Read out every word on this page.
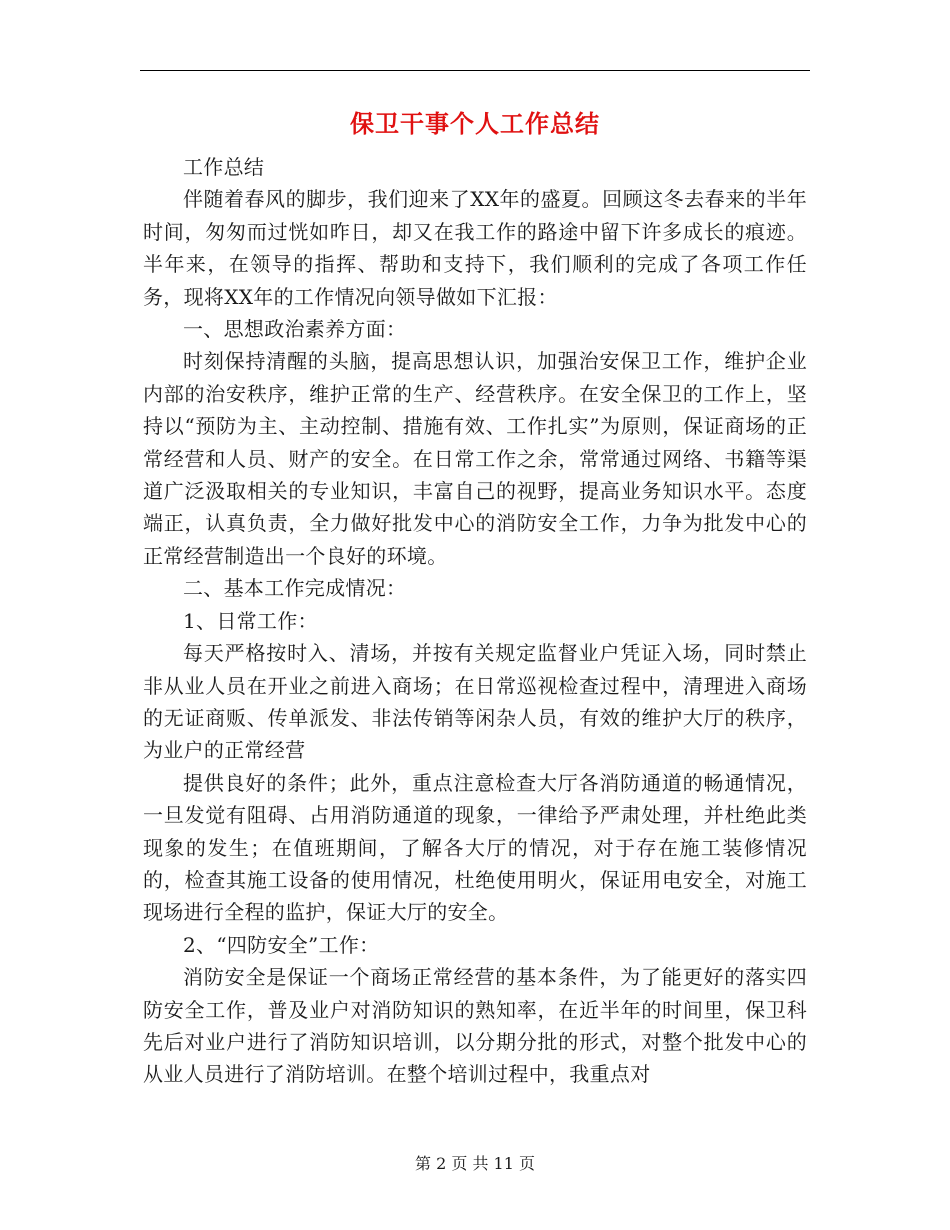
保卫干事个人工作总结

工作总结

伴随着春风的脚步，我们迎来了XX年的盛夏。回顾这冬去春来的半年时间，匆匆而过恍如昨日，却又在我工作的路途中留下许多成长的痕迹。半年来，在领导的指挥、帮助和支持下，我们顺利的完成了各项工作任务，现将XX年的工作情况向领导做如下汇报：

一、思想政治素养方面：

时刻保持清醒的头脑，提高思想认识，加强治安保卫工作，维护企业内部的治安秩序，维护正常的生产、经营秩序。在安全保卫的工作上，坚持以“预防为主、主动控制、措施有效、工作扎实”为原则，保证商场的正常经营和人员、财产的安全。在日常工作之余，常常通过网络、书籍等渠道广泛汲取相关的专业知识，丰富自己的视野，提高业务知识水平。态度端正，认真负责，全力做好批发中心的消防安全工作，力争为批发中心的正常经营制造出一个良好的环境。

二、基本工作完成情况：

1、日常工作：

每天严格按时入、清场，并按有关规定监督业户凭证入场，同时禁止非从业人员在开业之前进入商场；在日常巡视检查过程中，清理进入商场的无证商贩、传单派发、非法传销等闲杂人员，有效的维护大厅的秩序，为业户的正常经营

提供良好的条件；此外，重点注意检查大厅各消防通道的畅通情况，一旦发觉有阻碍、占用消防通道的现象，一律给予严肃处理，并杜绝此类现象的发生；在值班期间，了解各大厅的情况，对于存在施工装修情况的，检查其施工设备的使用情况，杜绝使用明火，保证用电安全，对施工现场进行全程的监护，保证大厅的安全。

2、“四防安全”工作：

消防安全是保证一个商场正常经营的基本条件，为了能更好的落实四防安全工作，普及业户对消防知识的熟知率，在近半年的时间里，保卫科先后对业户进行了消防知识培训，以分期分批的形式，对整个批发中心的从业人员进行了消防培训。在整个培训过程中，我重点对

第 2 页 共 11 页
